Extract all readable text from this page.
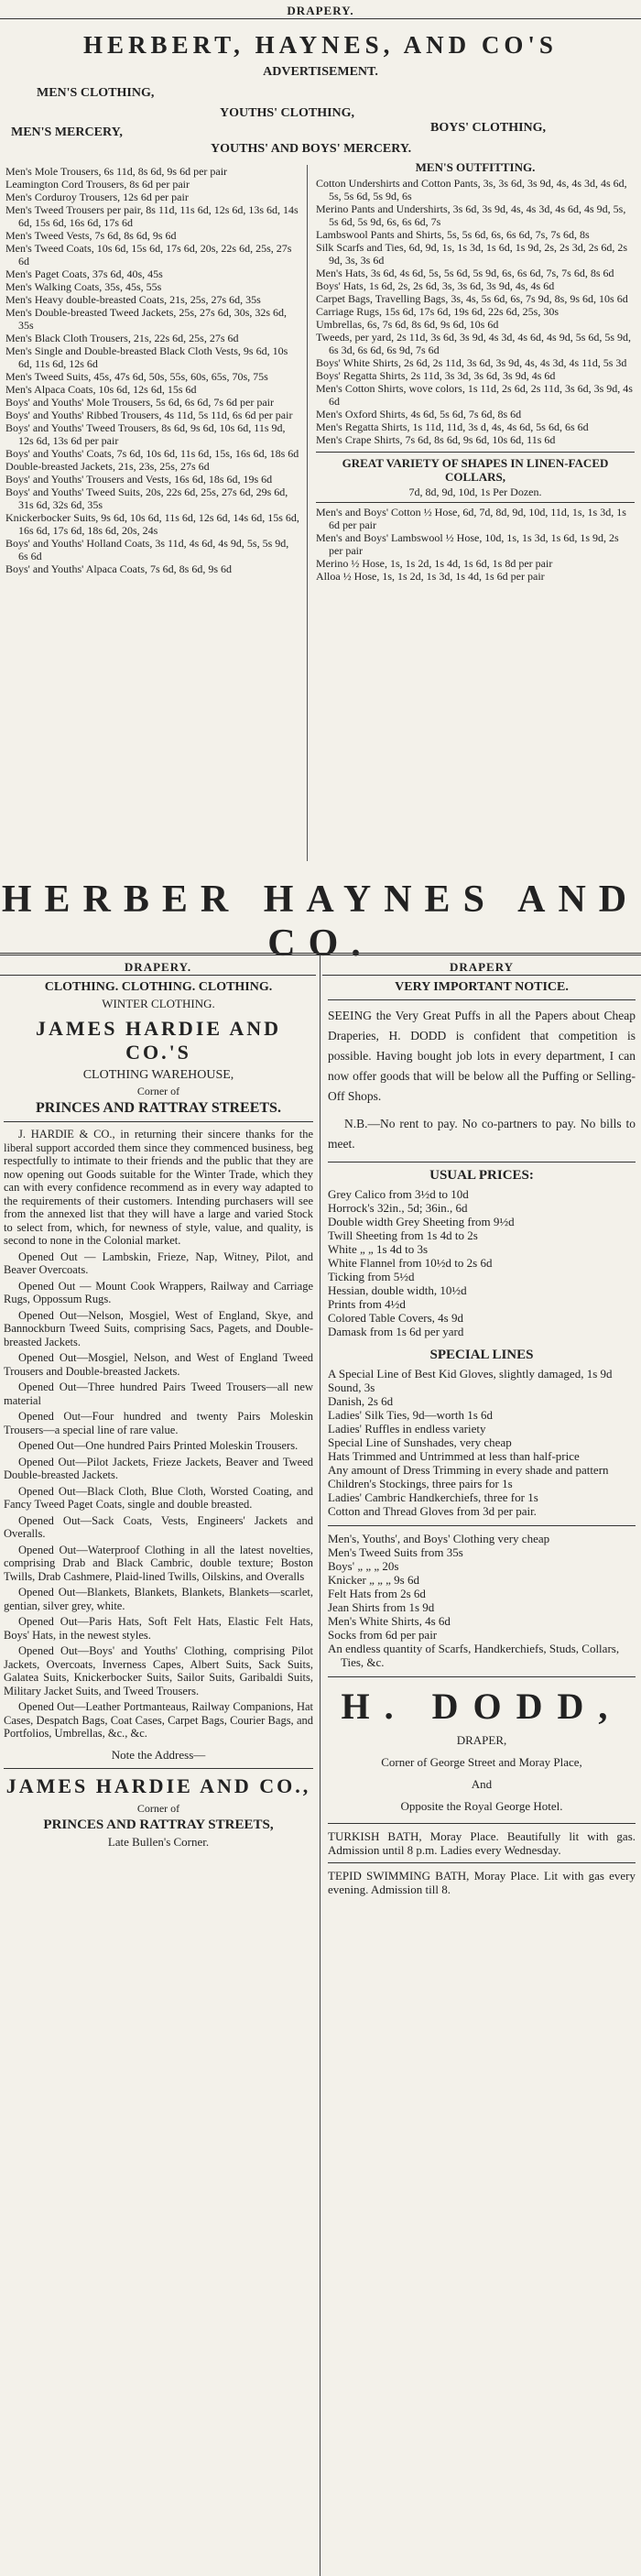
DRAPERY.
HERBERT, HAYNES, AND CO'S
ADVERTISEMENT.
MEN'S CLOTHING,
YOUTHS' CLOTHING,
BOYS' CLOTHING,
MEN'S MERCERY,
YOUTHS' AND BOYS' MERCERY.

Men's Mole Trousers, 6s 11d, 8s 6d, 9s 6d per pair

Leamington Cord Trousers, 8s 6d per pair

Men's Corduroy Trousers, 12s 6d per pair

Men's Tweed Trousers per pair, 8s 11d, 11s 6d, 12s 6d, 13s 6d, 14s 6d, 15s 6d, 16s 6d, 17s 6d

Men's Tweed Vests, 7s 6d, 8s 6d, 9s 6d

Men's Tweed Coats, 10s 6d, 15s 6d, 17s 6d, 20s, 22s 6d, 25s, 27s 6d

Men's Paget Coats, 37s 6d, 40s, 45s

Men's Walking Coats, 35s, 45s, 55s

Men's Heavy double-breasted Coats, 21s, 25s, 27s 6d, 35s

Men's Double-breasted Tweed Jackets, 25s, 27s 6d, 30s, 32s 6d, 35s

Men's Black Cloth Trousers, 21s, 22s 6d, 25s, 27s 6d

Men's Single and Double-breasted Black Cloth Vests, 9s 6d, 10s 6d, 11s 6d, 12s 6d

Men's Tweed Suits, 45s, 47s 6d, 50s, 55s, 60s, 65s, 70s, 75s

Men's Alpaca Coats, 10s 6d, 12s 6d, 15s 6d

Boys' and Youths' Mole Trousers, 5s 6d, 6s 6d, 7s 6d per pair

Boys' and Youths' Ribbed Trousers, 4s 11d, 5s 11d, 6s 6d per pair

Boys' and Youths' Tweed Trousers, 8s 6d, 9s 6d, 10s 6d, 11s 9d, 12s 6d, 13s 6d per pair

Boys' and Youths' Coats, 7s 6d, 10s 6d, 11s 6d, 15s, 16s 6d, 18s 6d

Double-breasted Jackets, 21s, 23s, 25s, 27s 6d

Boys' and Youths' Trousers and Vests, 16s 6d, 18s 6d, 19s 6d

Boys' and Youths' Tweed Suits, 20s, 22s 6d, 25s, 27s 6d, 29s 6d, 31s 6d, 32s 6d, 35s

Knickerbocker Suits, 9s 6d, 10s 6d, 11s 6d, 12s 6d, 14s 6d, 15s 6d, 16s 6d, 17s 6d, 18s 6d, 20s, 24s

Boys' and Youths' Holland Coats, 3s 11d, 4s 6d, 4s 9d, 5s, 5s 9d, 6s 6d

Boys' and Youths' Alpaca Coats, 7s 6d, 8s 6d, 9s 6d

MEN'S OUTFITTING.

Cotton Undershirts and Cotton Pants, 3s, 3s 6d, 3s 9d, 4s, 4s 3d, 4s 6d, 5s, 5s 6d, 5s 9d, 6s

Merino Pants and Undershirts, 3s 6d, 3s 9d, 4s, 4s 3d, 4s 6d, 4s 9d, 5s, 5s 6d, 5s 9d, 6s, 6s 6d, 7s

Lambswool Pants and Shirts, 5s, 5s 6d, 6s, 6s 6d, 7s, 7s 6d, 8s

Silk Scarfs and Ties, 6d, 9d, 1s, 1s 3d, 1s 6d, 1s 9d, 2s, 2s 3d, 2s 6d, 2s 9d, 3s, 3s 6d

Men's Hats, 3s 6d, 4s 6d, 5s, 5s 6d, 5s 9d, 6s, 6s 6d, 7s, 7s 6d, 8s 6d

Boys' Hats, 1s 6d, 2s, 2s 6d, 3s, 3s 6d, 3s 9d, 4s, 4s 6d

Carpet Bags, Travelling Bags, 3s, 4s, 5s 6d, 6s, 7s 9d, 8s, 9s 6d, 10s 6d

Carriage Rugs, 15s 6d, 17s 6d, 19s 6d, 22s 6d, 25s, 30s

Umbrellas, 6s, 7s 6d, 8s 6d, 9s 6d, 10s 6d

Tweeds, per yard, 2s 11d, 3s 6d, 3s 9d, 4s 3d, 4s 6d, 4s 9d, 5s 6d, 5s 9d, 6s 3d, 6s 6d, 6s 9d, 7s 6d

Boys' White Shirts, 2s 6d, 2s 11d, 3s 6d, 3s 9d, 4s, 4s 3d, 4s 11d, 5s 3d

Boys' Regatta Shirts, 2s 11d, 3s 3d, 3s 6d, 3s 9d, 4s 6d

Men's Cotton Shirts, wove colors, 1s 11d, 2s 6d, 2s 11d, 3s 6d, 3s 9d, 4s 6d

Men's Oxford Shirts, 4s 6d, 5s 6d, 7s 6d, 8s 6d

Men's Regatta Shirts, 1s 11d, 11d, 3s d, 4s, 4s 6d, 5s 6d, 6s 6d

Men's Crape Shirts, 7s 6d, 8s 6d, 9s 6d, 10s 6d, 11s 6d

GREAT VARIETY OF SHAPES IN LINEN-FACED COLLARS,
7d, 8d, 9d, 10d, 1s Per Dozen.

Men's and Boys' Cotton ½ Hose, 6d, 7d, 8d, 9d, 10d, 11d, 1s, 1s 3d, 1s 6d per pair

Men's and Boys' Lambswool ½ Hose, 10d, 1s, 1s 3d, 1s 6d, 1s 9d, 2s per pair

Merino ½ Hose, 1s, 1s 2d, 1s 4d, 1s 6d, 1s 8d per pair

Alloa ½ Hose, 1s, 1s 2d, 1s 3d, 1s 4d, 1s 6d per pair

HERBER HAYNES AND CO.
DRAPERY.
CLOTHING. CLOTHING. CLOTHING.
WINTER CLOTHING.
JAMES HARDIE AND CO.'S
CLOTHING WAREHOUSE,
Corner of
PRINCES AND RATTRAY STREETS.

J. HARDIE & CO., in returning their sincere thanks for the liberal support accorded them since they commenced business, beg respectfully to intimate to their friends and the public that they are now opening out Goods suitable for the Winter Trade, which they can with every confidence recommend as in every way adapted to the requirements of their customers. Intending purchasers will see from the annexed list that they will have a large and varied Stock to select from, which, for newness of style, value, and quality, is second to none in the Colonial market.

Opened Out — Lambskin, Frieze, Nap, Witney, Pilot, and Beaver Overcoats.

Opened Out — Mount Cook Wrappers, Railway and Carriage Rugs, Oppossum Rugs.

Opened Out—Nelson, Mosgiel, West of England, Skye, and Bannockburn Tweed Suits, comprising Sacs, Pagets, and Double-breasted Jackets.

Opened Out—Mosgiel, Nelson, and West of England Tweed Trousers and Double-breasted Jackets.

Opened Out—Three hundred Pairs Tweed Trousers—all new material

Opened Out—Four hundred and twenty Pairs Moleskin Trousers—a special line of rare value.

Opened Out—One hundred Pairs Printed Moleskin Trousers.

Opened Out—Pilot Jackets, Frieze Jackets, Beaver and Tweed Double-breasted Jackets.

Opened Out—Black Cloth, Blue Cloth, Worsted Coating, and Fancy Tweed Paget Coats, single and double breasted.

Opened Out—Sack Coats, Vests, Engineers' Jackets and Overalls.

Opened Out—Waterproof Clothing in all the latest novelties, comprising Drab and Black Cambric, double texture; Boston Twills, Drab Cashmere, Plaid-lined Twills, Oilskins, and Overalls

Opened Out—Blankets, Blankets, Blankets, Blankets—scarlet, gentian, silver grey, white.

Opened Out—Paris Hats, Soft Felt Hats, Elastic Felt Hats, Boys' Hats, in the newest styles.

Opened Out—Boys' and Youths' Clothing, comprising Pilot Jackets, Overcoats, Inverness Capes, Albert Suits, Sack Suits, Galatea Suits, Knickerbocker Suits, Sailor Suits, Garibaldi Suits, Military Jacket Suits, and Tweed Trousers.

Opened Out—Leather Portmanteaus, Railway Companions, Hat Cases, Despatch Bags, Coat Cases, Carpet Bags, Courier Bags, and Portfolios, Umbrellas, &c., &c.

Note the Address—
JAMES HARDIE AND CO.,
Corner of
PRINCES AND RATTRAY STREETS,
Late Bullen's Corner.
DRAPERY
VERY IMPORTANT NOTICE.

SEEING the Very Great Puffs in all the Papers about Cheap Draperies, H. DODD is confident that competition is possible. Having bought job lots in every department, I can now offer goods that will be below all the Puffing or Selling-Off Shops.

N.B.—No rent to pay. No co-partners to pay. No bills to meet.

USUAL PRICES:

Grey Calico from 3½d to 10d

Horrock's 32in., 5d; 36in., 6d

Double width Grey Sheeting from 9½d

Twill Sheeting from 1s 4d to 2s

White „ „ 1s 4d to 3s

White Flannel from 10½d to 2s 6d

Ticking from 5½d

Hessian, double width, 10½d

Prints from 4½d

Colored Table Covers, 4s 9d

Damask from 1s 6d per yard

SPECIAL LINES

A Special Line of Best Kid Gloves, slightly damaged, 1s 9d

Sound, 3s

Danish, 2s 6d

Ladies' Silk Ties, 9d—worth 1s 6d

Ladies' Ruffles in endless variety

Special Line of Sunshades, very cheap

Hats Trimmed and Untrimmed at less than half-price

Any amount of Dress Trimming in every shade and pattern

Children's Stockings, three pairs for 1s

Ladies' Cambric Handkerchiefs, three for 1s

Cotton and Thread Gloves from 3d per pair.

Men's, Youths', and Boys' Clothing very cheap

Men's Tweed Suits from 35s

Boys' „ „ „ 20s

Knicker „ „ „ 9s 6d

Felt Hats from 2s 6d

Jean Shirts from 1s 9d

Men's White Shirts, 4s 6d

Socks from 6d per pair

An endless quantity of Scarfs, Handkerchiefs, Studs, Collars, Ties, &c.

H. DODD,
DRAPER,
Corner of George Street and Moray Place,
And
Opposite the Royal George Hotel.

TURKISH BATH, Moray Place. Beautifully lit with gas. Admission until 8 p.m. Ladies every Wednesday.

TEPID SWIMMING BATH, Moray Place. Lit with gas every evening. Admission till 8.
